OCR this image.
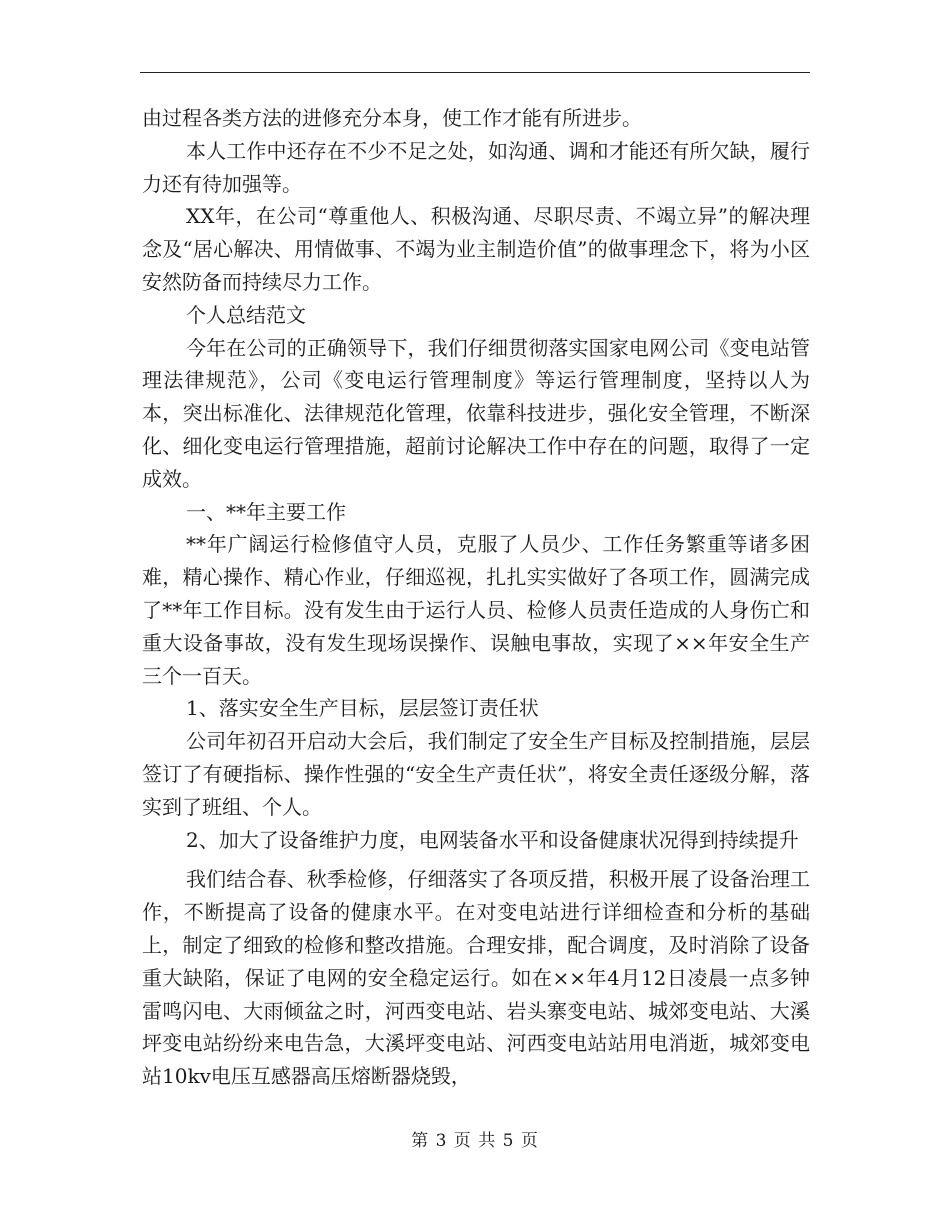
由过程各类方法的进修充分本身，使工作才能有所进步。

本人工作中还存在不少不足之处，如沟通、调和才能还有所欠缺，履行力还有待加强等。

XX年，在公司“尊重他人、积极沟通、尽职尽责、不竭立异”的解决理念及“居心解决、用情做事、不竭为业主制造价值”的做事理念下，将为小区安然防备而持续尽力工作。

个人总结范文

今年在公司的正确领导下，我们仔细贯彻落实国家电网公司《变电站管理法律规范》，公司《变电运行管理制度》等运行管理制度，坚持以人为本，突出标准化、法律规范化管理，依靠科技进步，强化安全管理，不断深化、细化变电运行管理措施，超前讨论解决工作中存在的问题，取得了一定成效。

一、**年主要工作

**年广阔运行检修值守人员，克服了人员少、工作任务繁重等诸多困难，精心操作、精心作业，仔细巡视，扎扎实实做好了各项工作，圆满完成了**年工作目标。没有发生由于运行人员、检修人员责任造成的人身伤亡和重大设备事故，没有发生现场误操作、误触电事故，实现了××年安全生产三个一百天。

1、落实安全生产目标，层层签订责任状

公司年初召开启动大会后，我们制定了安全生产目标及控制措施，层层签订了有硬指标、操作性强的“安全生产责任状”，将安全责任逐级分解，落实到了班组、个人。

2、加大了设备维护力度，电网装备水平和设备健康状况得到持续提升

我们结合春、秋季检修，仔细落实了各项反措，积极开展了设备治理工作，不断提高了设备的健康水平。在对变电站进行详细检查和分析的基础上，制定了细致的检修和整改措施。合理安排，配合调度，及时消除了设备重大缺陷，保证了电网的安全稳定运行。如在××年4月12日凌晨一点多钟雷鸣闪电、大雨倾盆之时，河西变电站、岩头寨变电站、城郊变电站、大溪坪变电站纷纷来电告急，大溪坪变电站、河西变电站站用电消逝，城郊变电站10kv电压互感器高压熔断器烧毁，

第 3 页 共 5 页
